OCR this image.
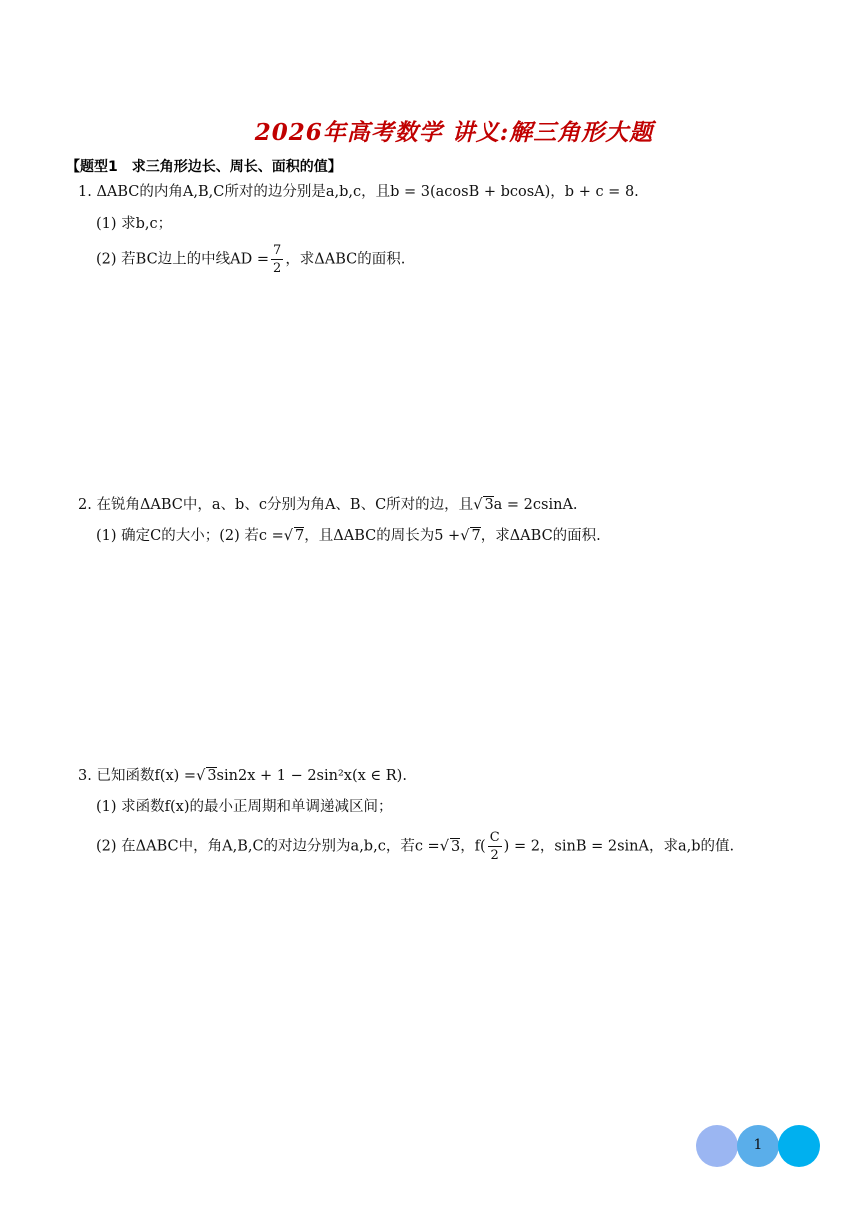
2026年高考数学 讲义:解三角形大题
【题型1　求三角形边长、周长、面积的值】
1. ΔABC的内角A,B,C所对的边分别是a,b,c，且b = 3(acosB + bcosA)，b + c = 8.
(1) 求b,c；
(2) 若BC边上的中线AD = $\frac{7}{2}$ ，求ΔABC的面积.
2. 在锐角ΔABC中，a、b、c分别为角A、B、C所对的边，且√ 3a = 2csinA.
(1) 确定C的大小；(2) 若c =√ 7，且ΔABC的周长为5 +√ 7，求ΔABC的面积.
3. 已知函数f(x) =√ 3sin2x + 1 − 2sin²x(x ∈ R).
(1) 求函数f(x)的最小正周期和单调递减区间；
(2) 在ΔABC中，角A,B,C的对边分别为a,b,c，若c =√ 3，$f( \frac{C}{2}$ ) = 2，sinB = 2sinA，求a,b的值.
1
